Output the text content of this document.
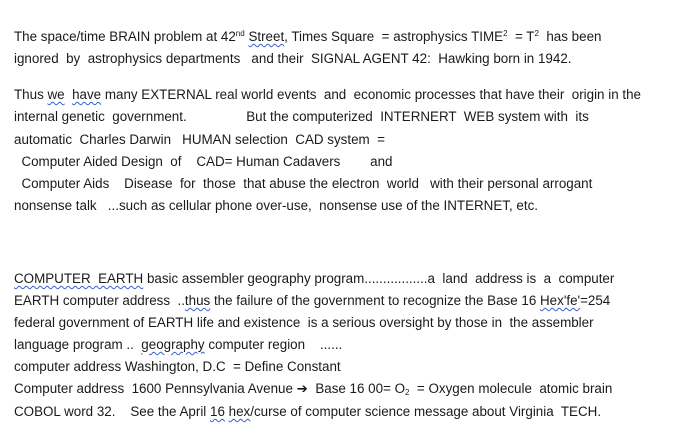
The space/time BRAIN problem at 42nd Street, Times Square  = astrophysics TIME$^2$  = $T^2$  has been
ignored  by  astrophysics departments   and their  SIGNAL AGENT 42:  Hawking born in 1942.
Thus we have many EXTERNAL real world events  and  economic processes that have their  origin in the
internal genetic  government.                But the computerized  INTERNERT  WEB system with  its
automatic  Charles Darwin   HUMAN selection  CAD system  =
Computer Aided Design  of    CAD= Human Cadavers        and
Computer Aids    Disease  for  those  that abuse the electron  world   with their personal arrogant
nonsense talk   ...such as cellular phone over-use,  nonsense use of the INTERNET, etc.
COMPUTER  EARTH basic assembler geography program.................a  land  address is  a  computer
EARTH computer address  ..thus the failure of the government to recognize the Base 16 Hex'fe'=254
federal government of EARTH life and existence  is a serious oversight by those in  the assembler
language program ..  geography computer region    ......
computer address Washington, D.C  = Define Constant
Computer address  1600 Pennsylvania Avenue ➔  Base 16 $00= O_2$  = Oxygen molecule  atomic brain
COBOL word 32.    See the April 16 hex/curse of computer science message about Virginia  TECH.
